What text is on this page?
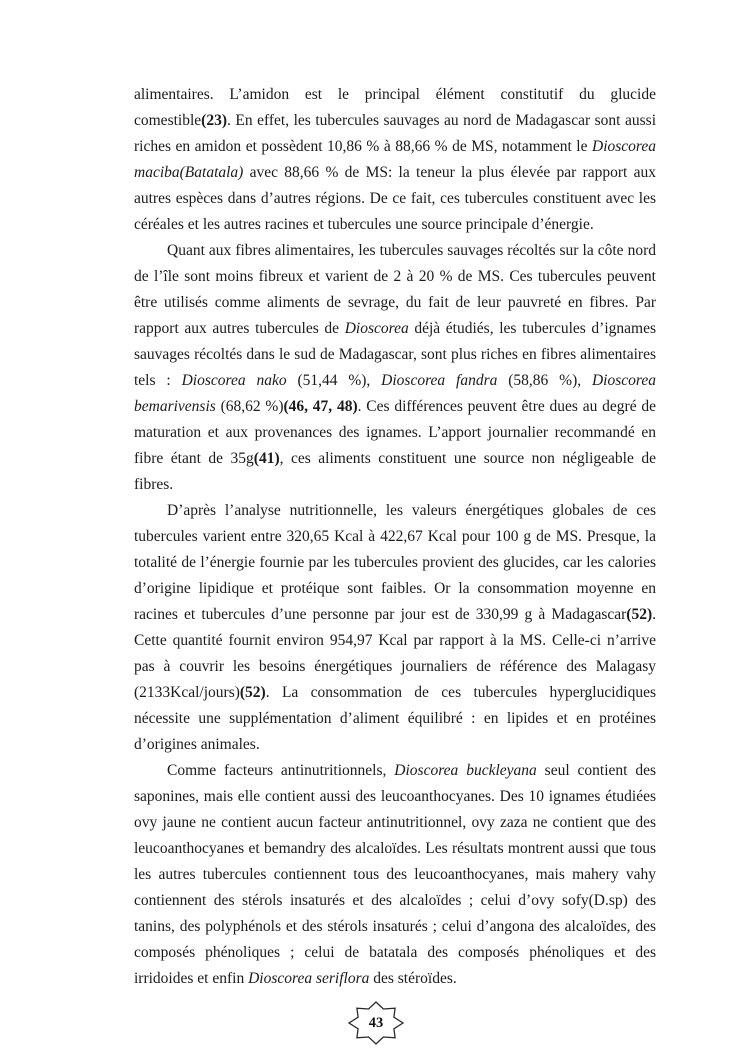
alimentaires. L’amidon est le principal élément constitutif du glucide comestible(23). En effet, les tubercules sauvages au nord de Madagascar sont aussi riches en amidon et possèdent 10,86 % à 88,66 % de MS, notamment le Dioscorea maciba(Batatala) avec 88,66 % de MS: la teneur la plus élevée par rapport aux autres espèces dans d’autres régions. De ce fait, ces tubercules constituent avec les céréales et les autres racines et tubercules une source principale d’énergie.

Quant aux fibres alimentaires, les tubercules sauvages récoltés sur la côte nord de l’île sont moins fibreux et varient de 2 à 20 % de MS. Ces tubercules peuvent être utilisés comme aliments de sevrage, du fait de leur pauvreté en fibres. Par rapport aux autres tubercules de Dioscorea déjà étudiés, les tubercules d’ignames sauvages récoltés dans le sud de Madagascar, sont plus riches en fibres alimentaires tels : Dioscorea nako (51,44 %), Dioscorea fandra (58,86 %), Dioscorea bemarivensis (68,62 %)(46, 47, 48). Ces différences peuvent être dues au degré de maturation et aux provenances des ignames. L’apport journalier recommandé en fibre étant de 35g(41), ces aliments constituent une source non négligeable de fibres.

D’après l’analyse nutritionnelle, les valeurs énergétiques globales de ces tubercules varient entre 320,65 Kcal à 422,67 Kcal pour 100 g de MS. Presque, la totalité de l’énergie fournie par les tubercules provient des glucides, car les calories d’origine lipidique et protéique sont faibles. Or la consommation moyenne en racines et tubercules d’une personne par jour est de 330,99 g à Madagascar(52). Cette quantité fournit environ 954,97 Kcal par rapport à la MS. Celle-ci n’arrive pas à couvrir les besoins énergétiques journaliers de référence des Malagasy (2133Kcal/jours)(52). La consommation de ces tubercules hyperglucidiques nécessite une supplémentation d’aliment équilibré : en lipides et en protéines d’origines animales.

Comme facteurs antinutritionnels, Dioscorea buckleyana seul contient des saponines, mais elle contient aussi des leucoanthocyanes. Des 10 ignames étudiées ovy jaune ne contient aucun facteur antinutritionnel, ovy zaza ne contient que des leucoanthocyanes et bemandry des alcaloïdes. Les résultats montrent aussi que tous les autres tubercules contiennent tous des leucoanthocyanes, mais mahery vahy contiennent des stérols insaturés et des alcaloïdes ; celui d’ovy sofy(D.sp) des tanins, des polyphénols et des stérols insaturés ; celui d’angona des alcaloïdes, des composés phénoliques ; celui de batatala des composés phénoliques et des irridoides et enfin Dioscorea seriflora des stéroïdes.

43
